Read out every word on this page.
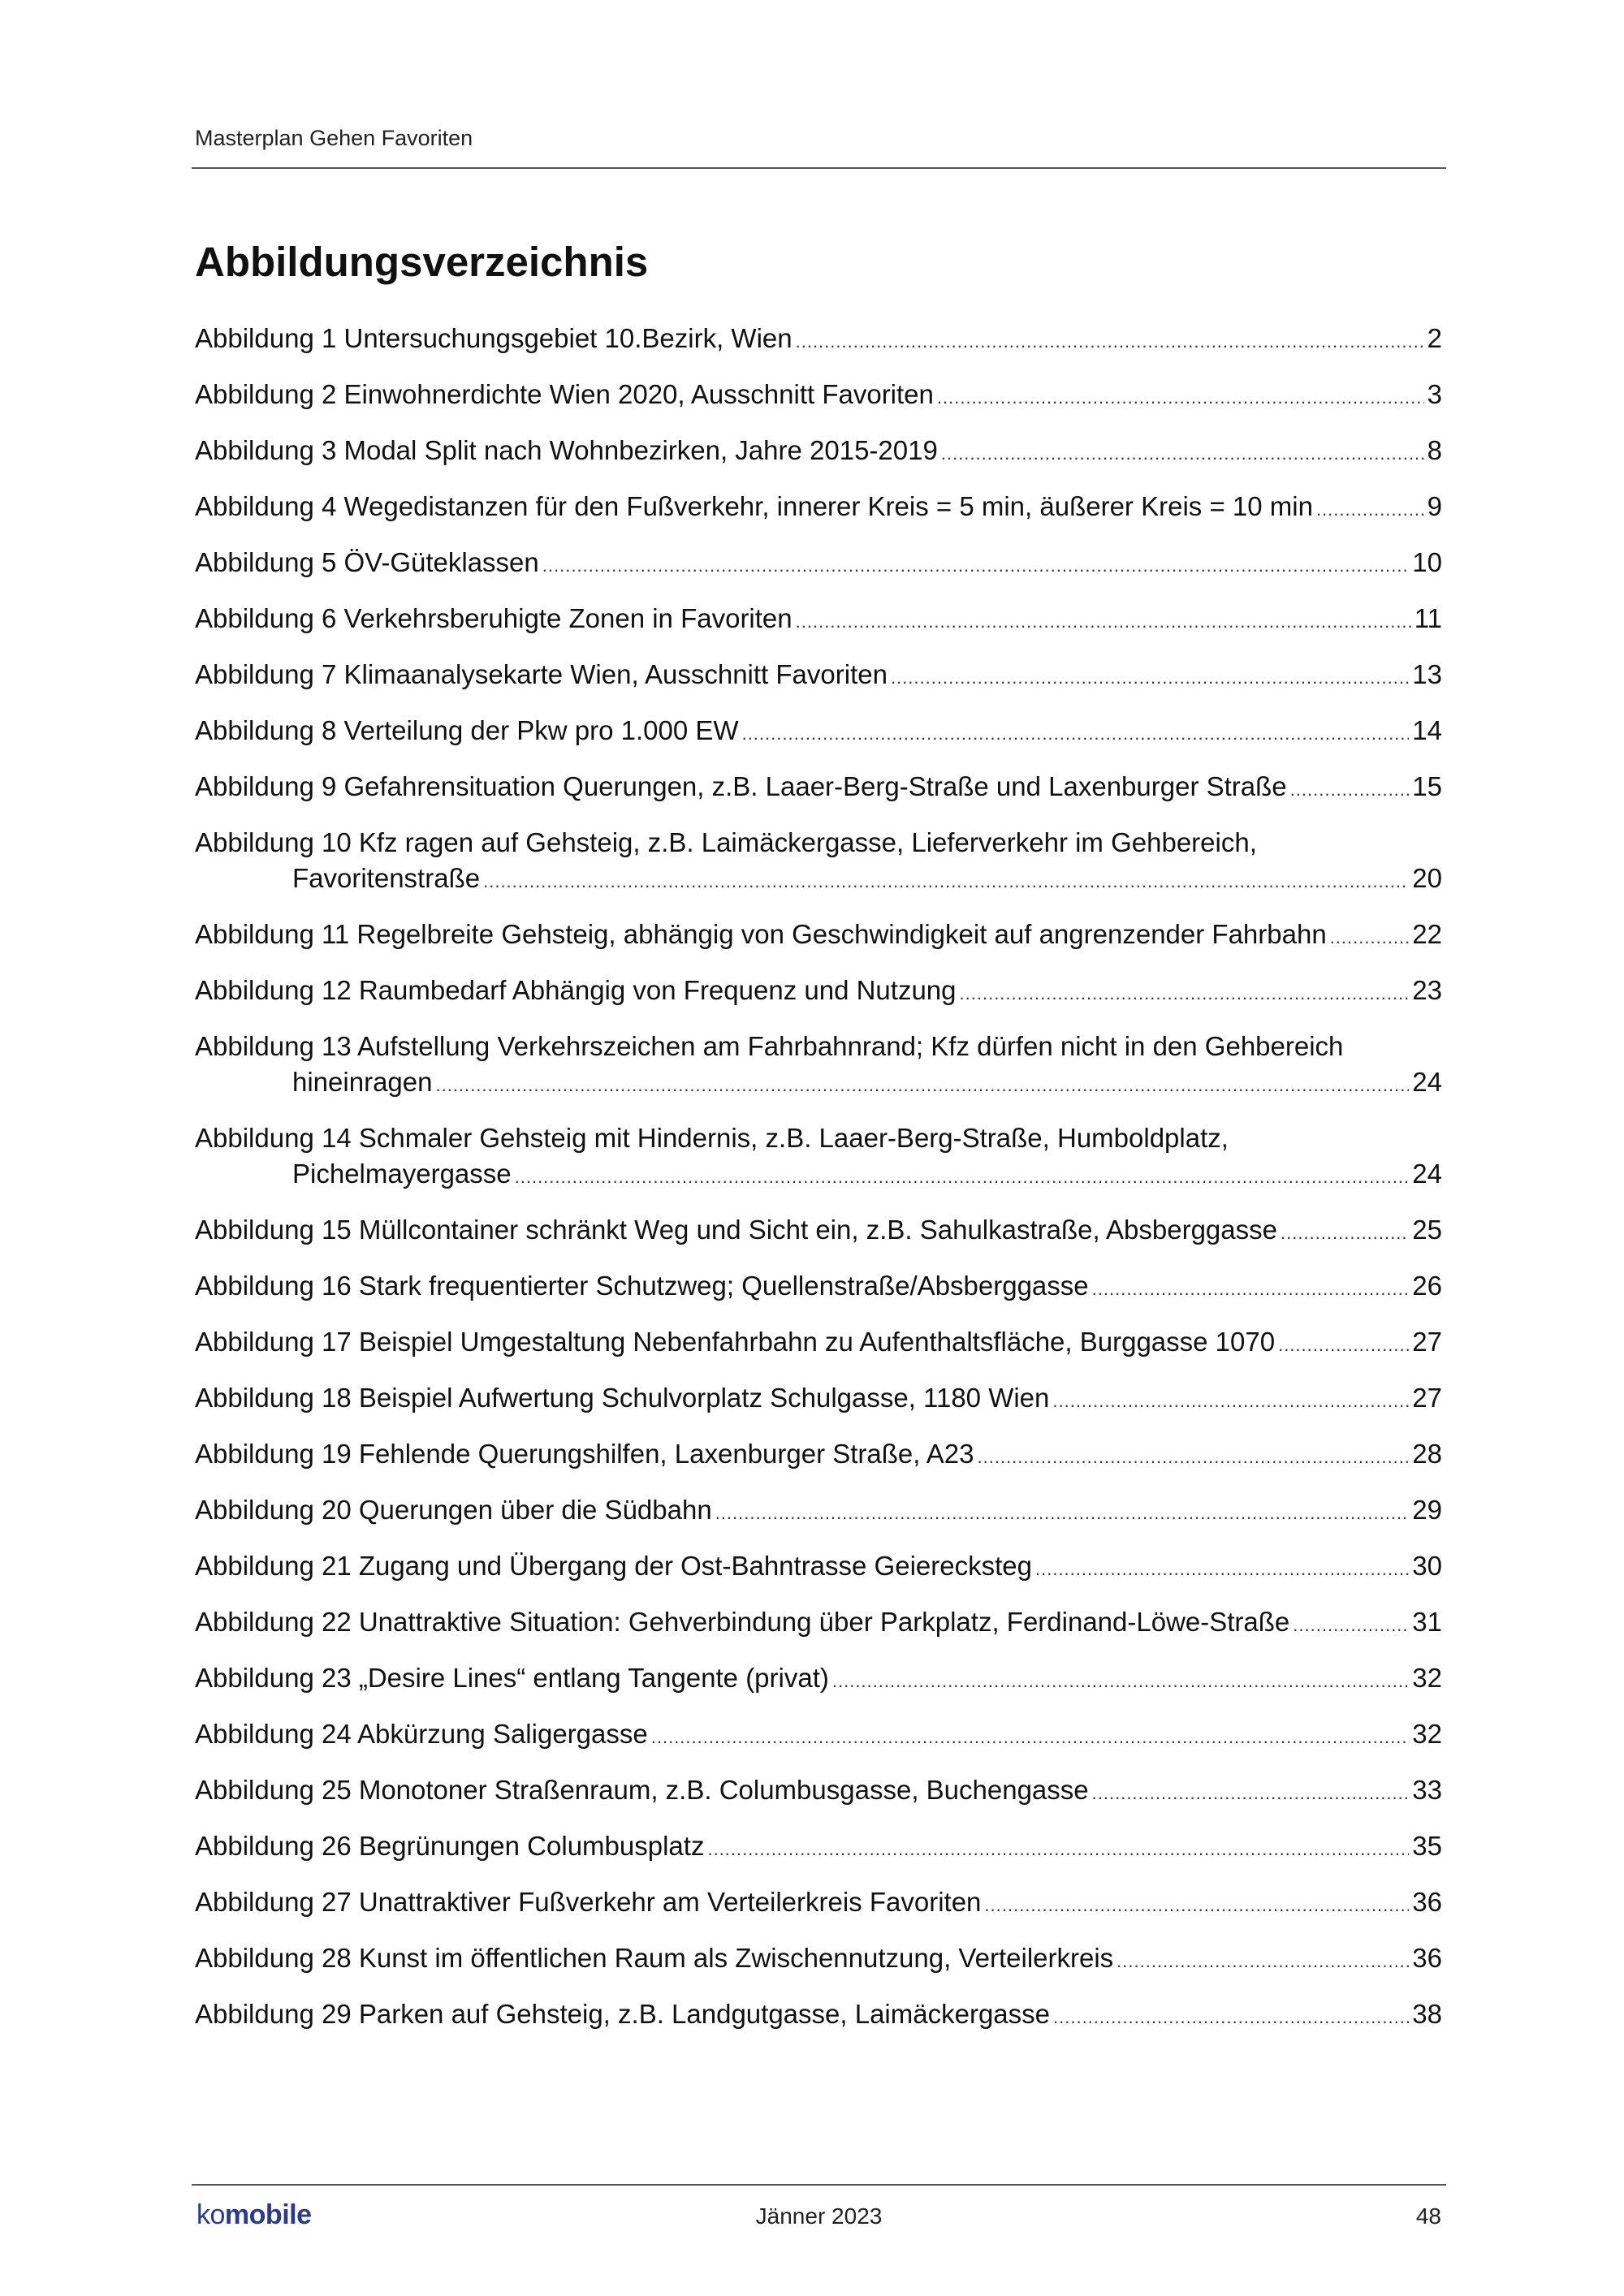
Masterplan Gehen Favoriten
Abbildungsverzeichnis
Abbildung 1 Untersuchungsgebiet 10.Bezirk, Wien .....	2
Abbildung 2 Einwohnerdichte Wien 2020, Ausschnitt Favoriten .....	3
Abbildung 3 Modal Split nach Wohnbezirken, Jahre 2015-2019 .....	8
Abbildung 4 Wegedistanzen für den Fußverkehr, innerer Kreis = 5 min, äußerer Kreis = 10 min .....	9
Abbildung 5 ÖV-Güteklassen .....	10
Abbildung 6 Verkehrsberuhigte Zonen in Favoriten .....	11
Abbildung 7 Klimaanalysekarte Wien, Ausschnitt Favoriten .....	13
Abbildung 8 Verteilung der Pkw pro 1.000 EW .....	14
Abbildung 9 Gefahrensituation Querungen, z.B. Laaer-Berg-Straße und Laxenburger Straße .....	15
Abbildung 10 Kfz ragen auf Gehsteig, z.B. Laimäckergasse, Lieferverkehr im Gehbereich,
Favoritenstraße .....	20
Abbildung 11 Regelbreite Gehsteig, abhängig von Geschwindigkeit auf angrenzender Fahrbahn .....	22
Abbildung 12 Raumbedarf Abhängig von Frequenz und Nutzung .....	23
Abbildung 13 Aufstellung Verkehrszeichen am Fahrbahnrand; Kfz dürfen nicht in den Gehbereich
hineinragen .....	24
Abbildung 14 Schmaler Gehsteig mit Hindernis, z.B. Laaer-Berg-Straße, Humboldplatz,
Pichelmayergasse .....	24
Abbildung 15 Müllcontainer schränkt Weg und Sicht ein, z.B. Sahulkastraße, Absberggasse .....	25
Abbildung 16 Stark frequentierter Schutzweg; Quellenstraße/Absberggasse .....	26
Abbildung 17 Beispiel Umgestaltung Nebenfahrbahn zu Aufenthaltsfläche, Burggasse 1070 .....	27
Abbildung 18 Beispiel Aufwertung Schulvorplatz Schulgasse, 1180 Wien .....	27
Abbildung 19 Fehlende Querungshilfen, Laxenburger Straße, A23 .....	28
Abbildung 20 Querungen über die Südbahn .....	29
Abbildung 21 Zugang und Übergang der Ost-Bahntrasse Geierecksteg .....	30
Abbildung 22 Unattraktive Situation: Gehverbindung über Parkplatz, Ferdinand-Löwe-Straße .....	31
Abbildung 23 „Desire Lines“ entlang Tangente (privat) .....	32
Abbildung 24 Abkürzung Saligergasse .....	32
Abbildung 25 Monotoner Straßenraum, z.B. Columbusgasse, Buchengasse .....	33
Abbildung 26 Begrünungen Columbusplatz .....	35
Abbildung 27 Unattraktiver Fußverkehr am Verteilerkreis Favoriten .....	36
Abbildung 28 Kunst im öffentlichen Raum als Zwischennutzung, Verteilerkreis .....	36
Abbildung 29 Parken auf Gehsteig, z.B. Landgutgasse, Laimäckergasse .....	38
komobile	Jänner 2023	48
